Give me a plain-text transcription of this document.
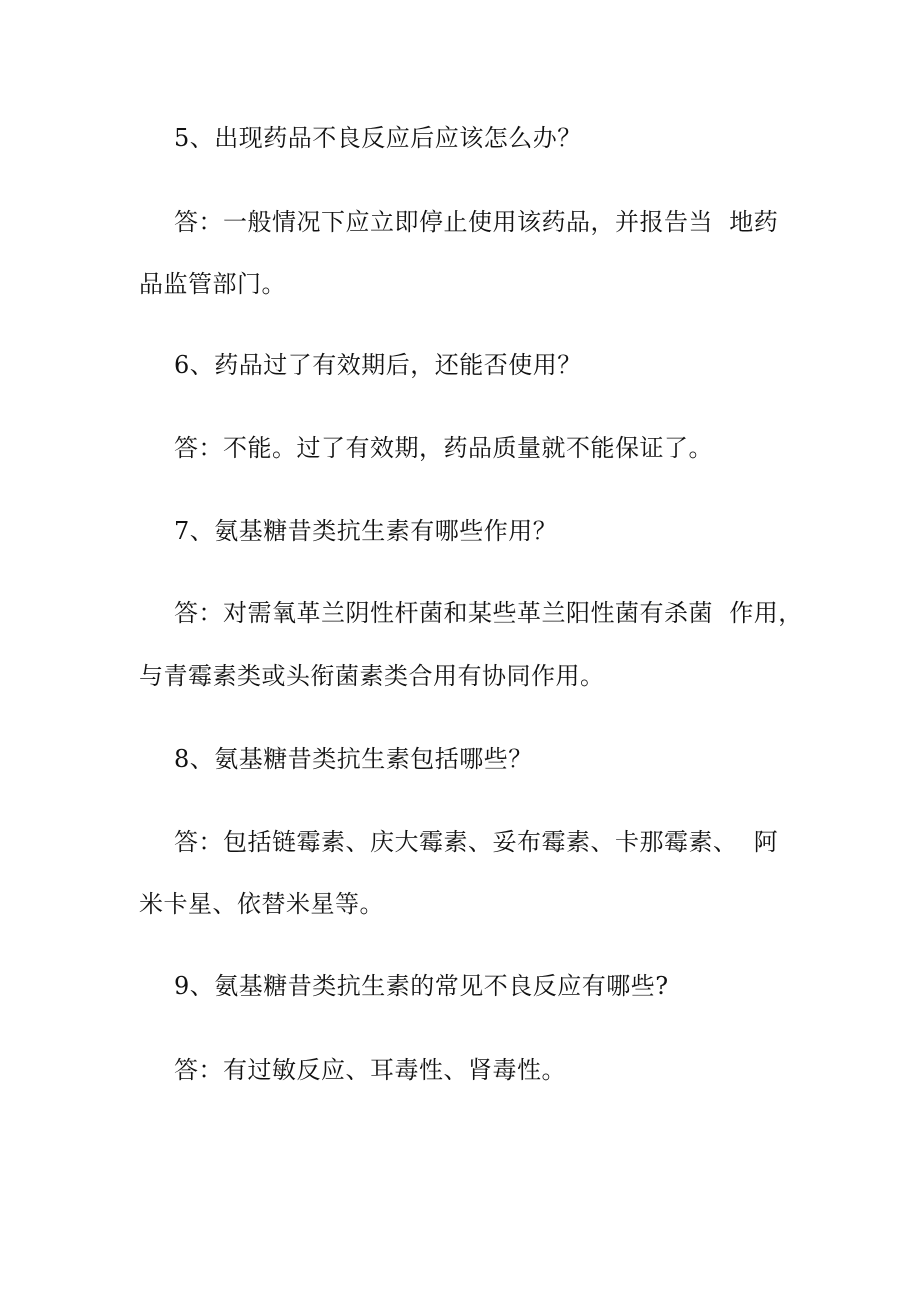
5、出现药品不良反应后应该怎么办？
答：一般情况下应立即停止使用该药品，并报告当  地药
品监管部门。
6、药品过了有效期后，还能否使用？
答：不能。过了有效期，药品质量就不能保证了。
7、氨基糖昔类抗生素有哪些作用？
答：对需氧革兰阴性杆菌和某些革兰阳性菌有杀菌  作用，
与青霉素类或头衔菌素类合用有协同作用。
8、氨基糖昔类抗生素包括哪些？
答：包括链霉素、庆大霉素、妥布霉素、卡那霉素、  阿
米卡星、依替米星等。
9、氨基糖昔类抗生素的常见不良反应有哪些?
答：有过敏反应、耳毒性、肾毒性。
